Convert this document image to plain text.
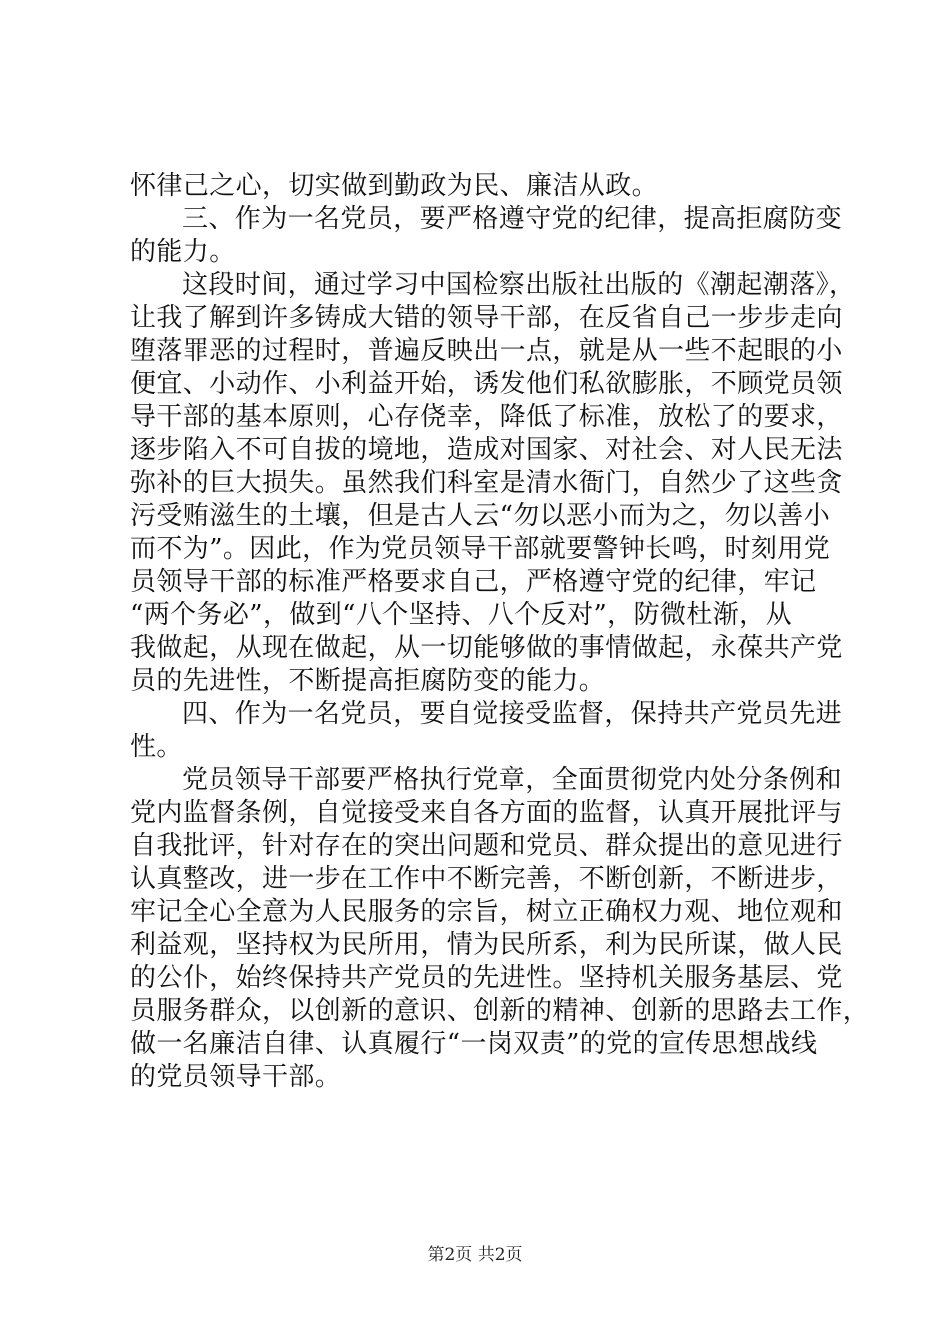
怀律己之心，切实做到勤政为民、廉洁从政。
三、作为一名党员，要严格遵守党的纪律，提高拒腐防变
的能力。
这段时间，通过学习中国检察出版社出版的《潮起潮落》，
让我了解到许多铸成大错的领导干部，在反省自己一步步走向
堕落罪恶的过程时，普遍反映出一点，就是从一些不起眼的小
便宜、小动作、小利益开始，诱发他们私欲膨胀，不顾党员领
导干部的基本原则，心存侥幸，降低了标准，放松了的要求，
逐步陷入不可自拔的境地，造成对国家、对社会、对人民无法
弥补的巨大损失。虽然我们科室是清水衙门，自然少了这些贪
污受贿滋生的土壤，但是古人云“勿以恶小而为之，勿以善小
而不为”。因此，作为党员领导干部就要警钟长鸣，时刻用党
员领导干部的标准严格要求自己，严格遵守党的纪律，牢记
“两个务必”，做到“八个坚持、八个反对”，防微杜渐，从
我做起，从现在做起，从一切能够做的事情做起，永葆共产党
员的先进性，不断提高拒腐防变的能力。
四、作为一名党员，要自觉接受监督，保持共产党员先进
性。
党员领导干部要严格执行党章，全面贯彻党内处分条例和
党内监督条例，自觉接受来自各方面的监督，认真开展批评与
自我批评，针对存在的突出问题和党员、群众提出的意见进行
认真整改，进一步在工作中不断完善，不断创新，不断进步，
牢记全心全意为人民服务的宗旨，树立正确权力观、地位观和
利益观，坚持权为民所用，情为民所系，利为民所谋，做人民
的公仆，始终保持共产党员的先进性。坚持机关服务基层、党
员服务群众，以创新的意识、创新的精神、创新的思路去工作，
做一名廉洁自律、认真履行“一岗双责”的党的宣传思想战线
的党员领导干部。
第2页 共2页
